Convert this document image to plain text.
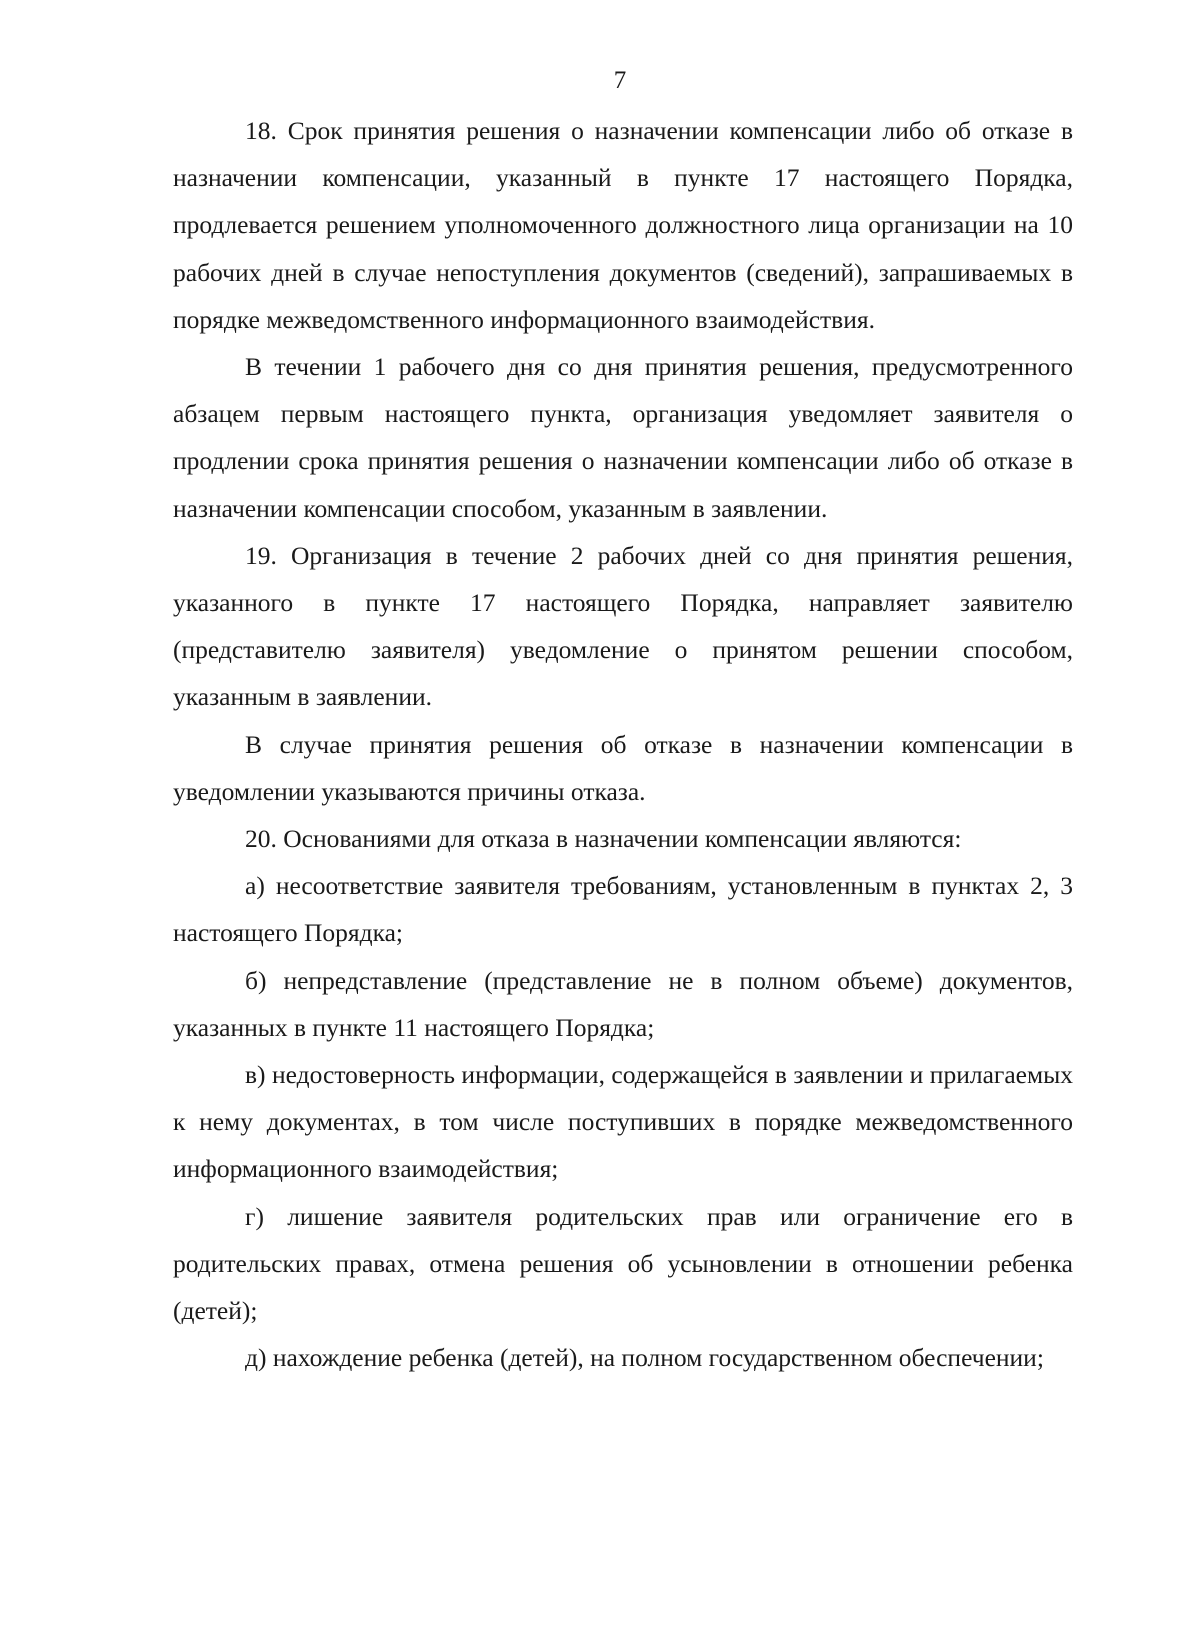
7

18. Срок принятия решения о назначении компенсации либо об отказе в назначении компенсации, указанный в пункте 17 настоящего Порядка, продлевается решением уполномоченного должностного лица организации на 10 рабочих дней в случае непоступления документов (сведений), запрашиваемых в порядке межведомственного информационного взаимодействия.

В течении 1 рабочего дня со дня принятия решения, предусмотренного абзацем первым настоящего пункта, организация уведомляет заявителя о продлении срока принятия решения о назначении компенсации либо об отказе в назначении компенсации способом, указанным в заявлении.

19. Организация в течение 2 рабочих дней со дня принятия решения, указанного в пункте 17 настоящего Порядка, направляет заявителю (представителю заявителя) уведомление о принятом решении способом, указанным в заявлении.

В случае принятия решения об отказе в назначении компенсации в уведомлении указываются причины отказа.

20. Основаниями для отказа в назначении компенсации являются:

а) несоответствие заявителя требованиям, установленным в пунктах 2, 3 настоящего Порядка;

б) непредставление (представление не в полном объеме) документов, указанных в пункте 11 настоящего Порядка;

в) недостоверность информации, содержащейся в заявлении и прилагаемых к нему документах, в том числе поступивших в порядке межведомственного информационного взаимодействия;

г) лишение заявителя родительских прав или ограничение его в родительских правах, отмена решения об усыновлении в отношении ребенка (детей);

д) нахождение ребенка (детей), на полном государственном обеспечении;
